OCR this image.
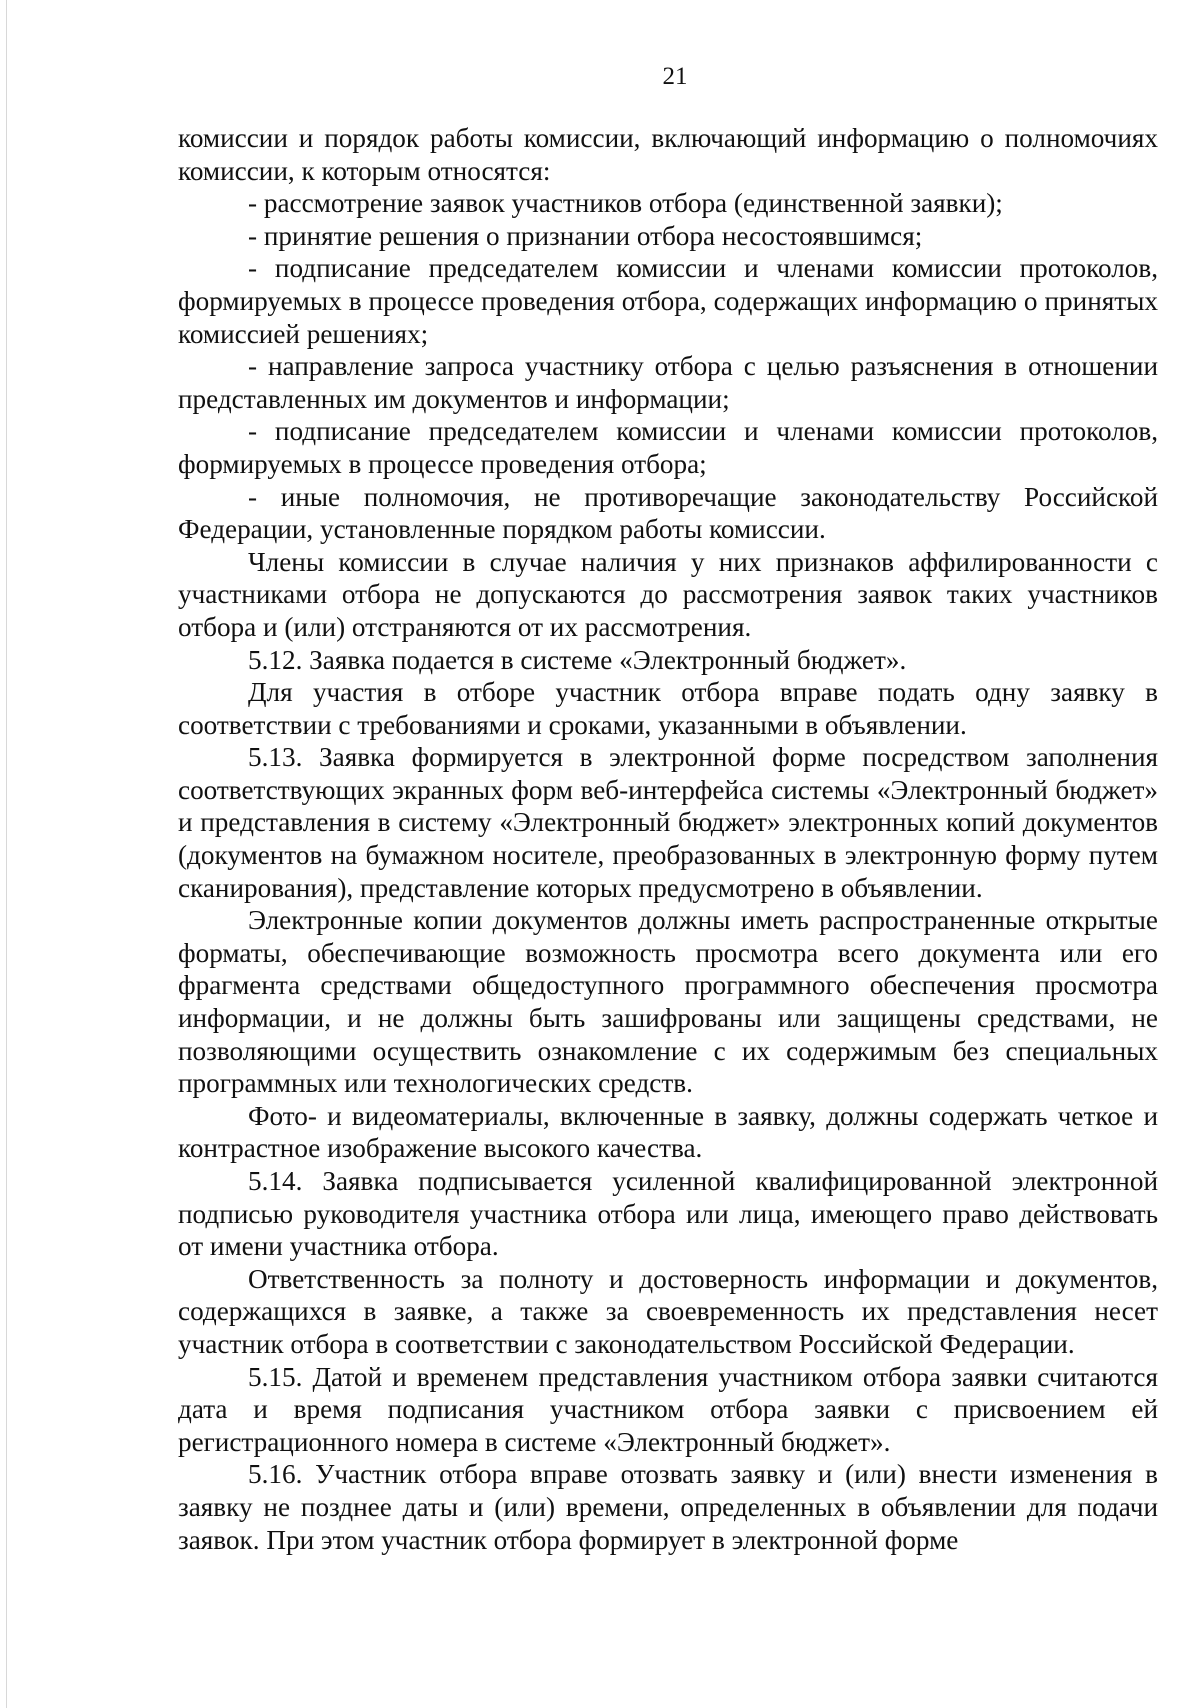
21

комиссии и порядок работы комиссии, включающий информацию о полномочиях комиссии, к которым относятся:

- рассмотрение заявок участников отбора (единственной заявки);

- принятие решения о признании отбора несостоявшимся;

- подписание председателем комиссии и членами комиссии протоколов, формируемых в процессе проведения отбора, содержащих информацию о принятых комиссией решениях;

- направление запроса участнику отбора с целью разъяснения в отношении представленных им документов и информации;

- подписание председателем комиссии и членами комиссии протоколов, формируемых в процессе проведения отбора;

- иные полномочия, не противоречащие законодательству Российской Федерации, установленные порядком работы комиссии.

Члены комиссии в случае наличия у них признаков аффилированности с участниками отбора не допускаются до рассмотрения заявок таких участников отбора и (или) отстраняются от их рассмотрения.

5.12. Заявка подается в системе «Электронный бюджет».

Для участия в отборе участник отбора вправе подать одну заявку в соответствии с требованиями и сроками, указанными в объявлении.

5.13. Заявка формируется в электронной форме посредством заполнения соответствующих экранных форм веб-интерфейса системы «Электронный бюджет» и представления в систему «Электронный бюджет» электронных копий документов (документов на бумажном носителе, преобразованных в электронную форму путем сканирования), представление которых предусмотрено в объявлении.

Электронные копии документов должны иметь распространенные открытые форматы, обеспечивающие возможность просмотра всего документа или его фрагмента средствами общедоступного программного обеспечения просмотра информации, и не должны быть зашифрованы или защищены средствами, не позволяющими осуществить ознакомление с их содержимым без специальных программных или технологических средств.

Фото- и видеоматериалы, включенные в заявку, должны содержать четкое и контрастное изображение высокого качества.

5.14. Заявка подписывается усиленной квалифицированной электронной подписью руководителя участника отбора или лица, имеющего право действовать от имени участника отбора.

Ответственность за полноту и достоверность информации и документов, содержащихся в заявке, а также за своевременность их представления несет участник отбора в соответствии с законодательством Российской Федерации.

5.15. Датой и временем представления участником отбора заявки считаются дата и время подписания участником отбора заявки с присвоением ей регистрационного номера в системе «Электронный бюджет».

5.16. Участник отбора вправе отозвать заявку и (или) внести изменения в заявку не позднее даты и (или) времени, определенных в объявлении для подачи заявок. При этом участник отбора формирует в электронной форме
